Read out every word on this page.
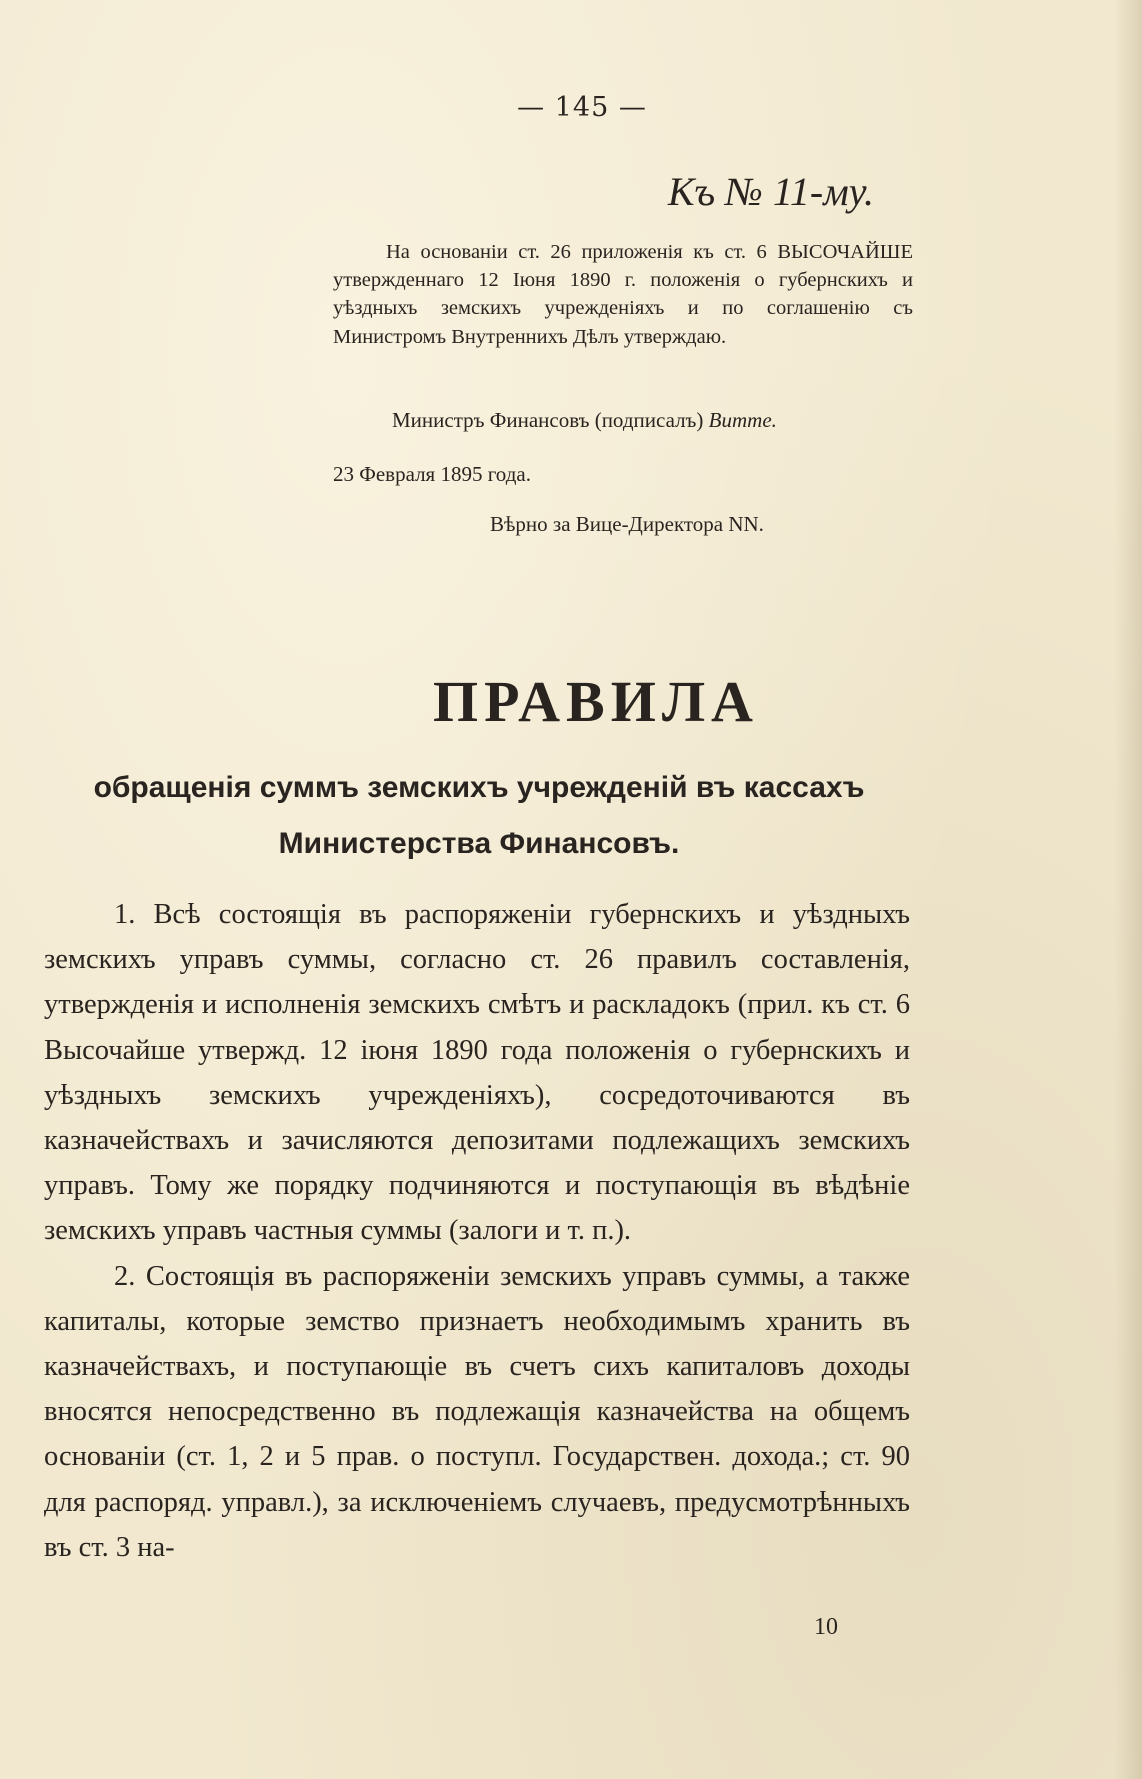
— 145 —
Къ № 11-му.
На основаніи ст. 26 приложенія къ ст. 6 ВЫСОЧАЙШЕ утвержденнаго 12 Іюня 1890 г. положенія о губернскихъ и уѣздныхъ земскихъ учрежденіяхъ и по соглашенію съ Министромъ Внутреннихъ Дѣлъ утверждаю.
Министръ Финансовъ (подписалъ) Витте.
23 Февраля 1895 года.
Вѣрно за Вице-Директора NN.
ПРАВИЛА
обращенія суммъ земскихъ учрежденій въ кассахъ Министерства Финансовъ.

1. Всѣ состоящія въ распоряженіи губернскихъ и уѣздныхъ земскихъ управъ суммы, согласно ст. 26 правилъ составленія, утвержденія и исполненія земскихъ смѣтъ и раскладокъ (прил. къ ст. 6 Высочайше утвержд. 12 іюня 1890 года положенія о губернскихъ и уѣздныхъ земскихъ учрежденіяхъ), сосредоточиваются въ казначействахъ и зачисляются депозитами подлежащихъ земскихъ управъ. Тому же порядку подчиняются и поступающія въ вѣдѣніе земскихъ управъ частныя суммы (залоги и т. п.).

2. Состоящія въ распоряженіи земскихъ управъ суммы, а также капиталы, которые земство признаетъ необходимымъ хранить въ казначействахъ, и поступающіе въ счетъ сихъ капиталовъ доходы вносятся непосредственно въ подлежащія казначейства на общемъ основаніи (ст. 1, 2 и 5 прав. о поступл. Государствен. дохода.; ст. 90 для распоряд. управл.), за исключеніемъ случаевъ, предусмотрѣнныхъ въ ст. 3 на-

10
